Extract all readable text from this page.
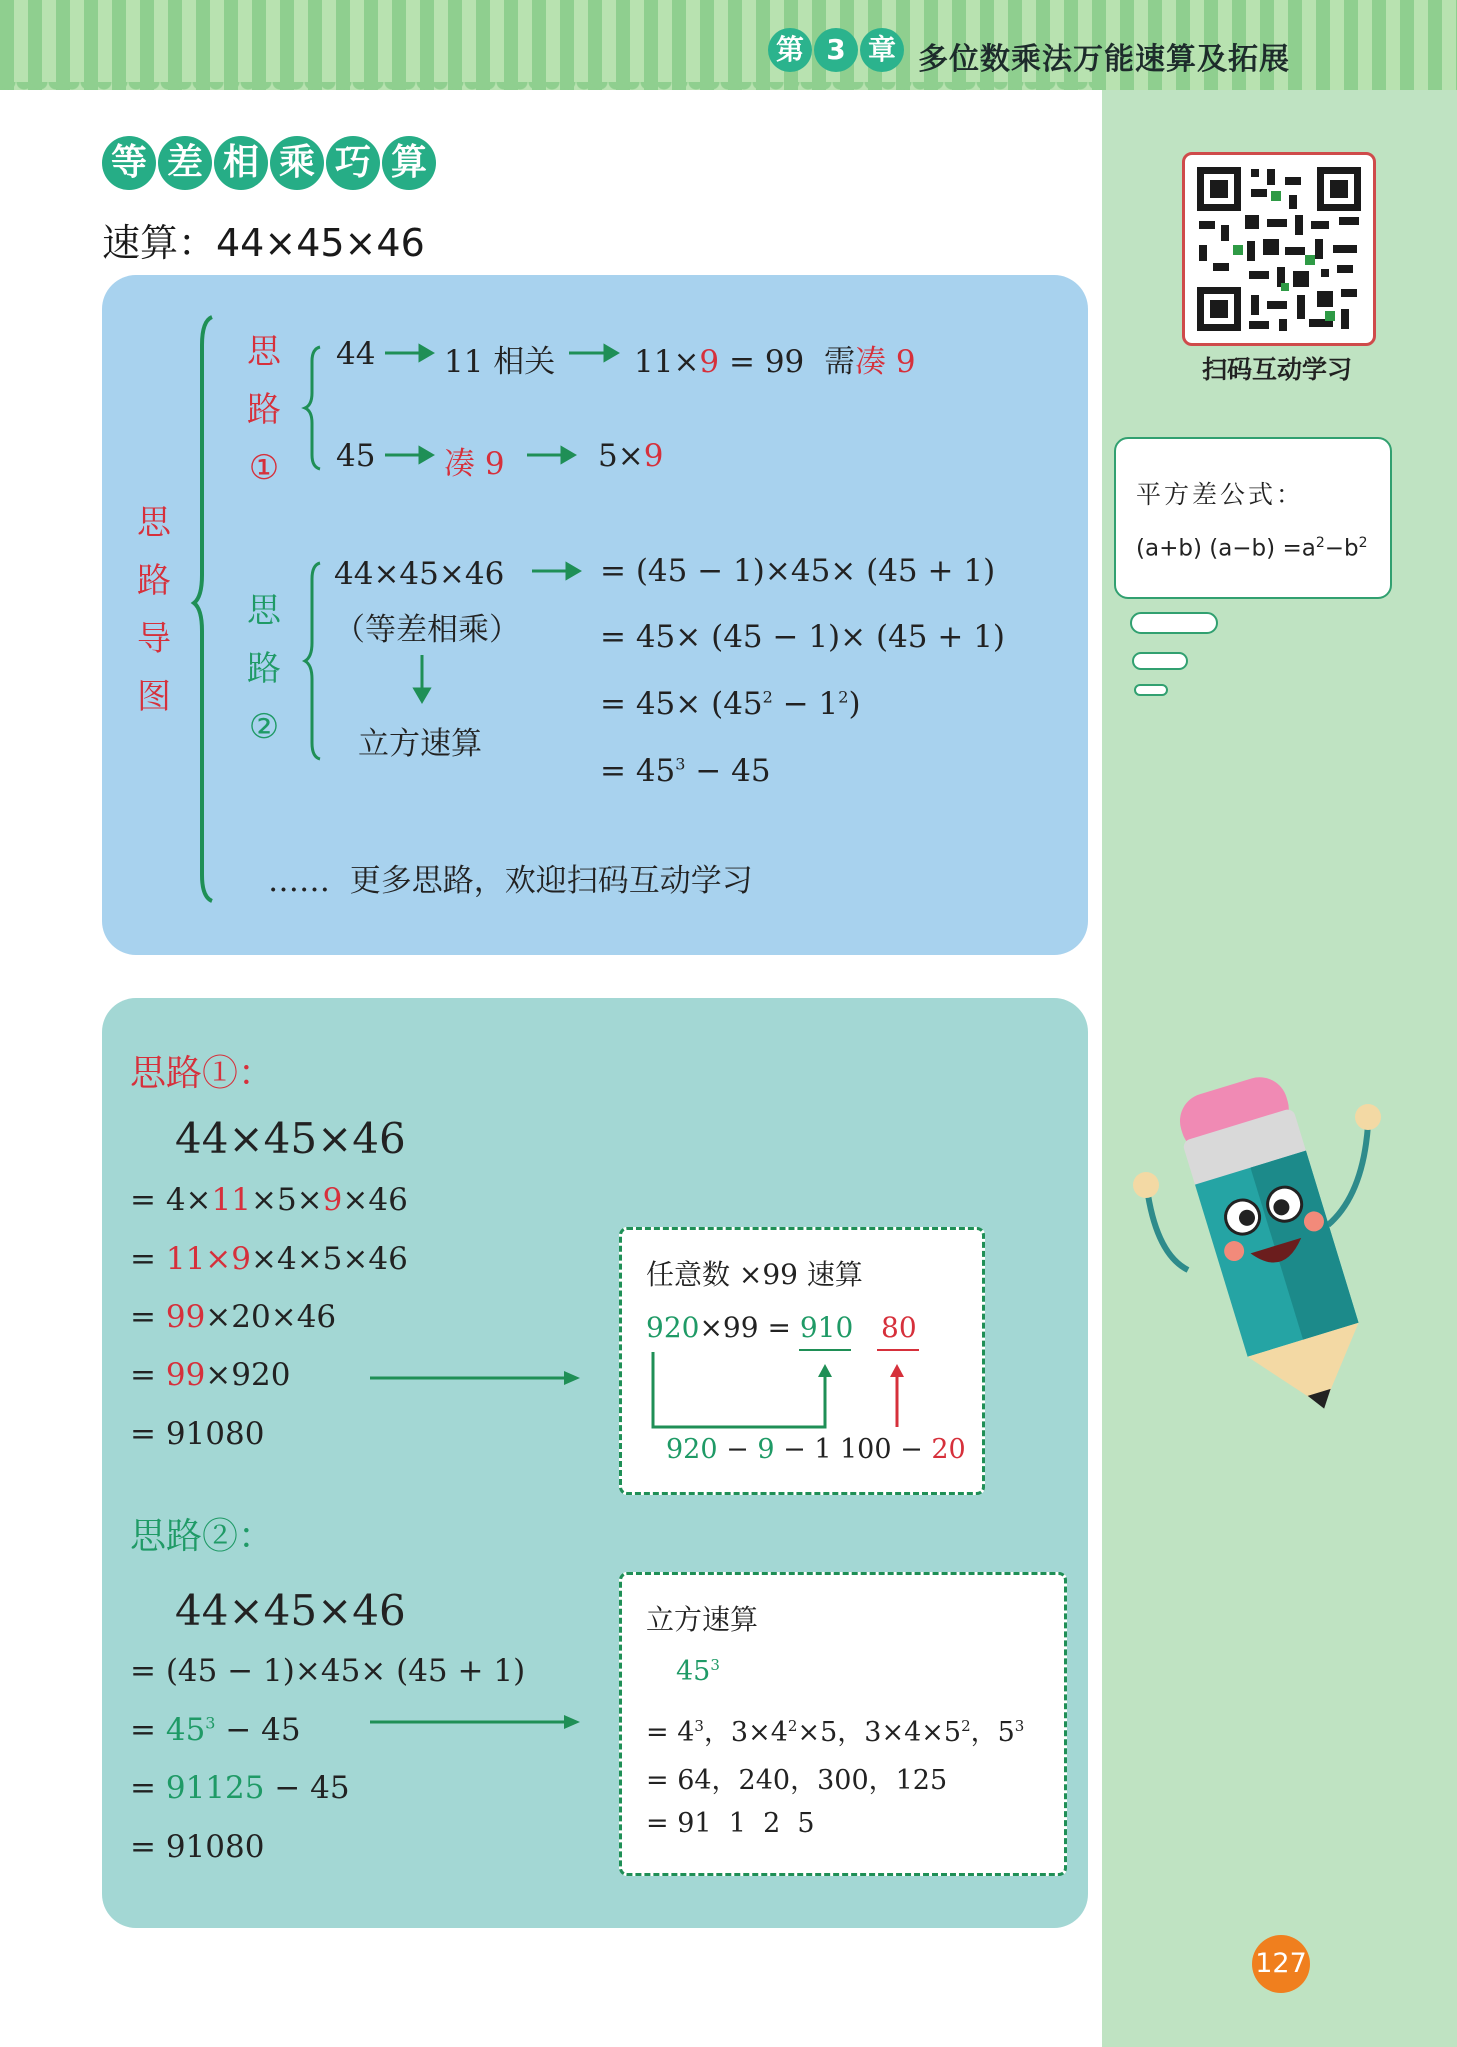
第 3 章 多位数乘法万能速算及拓展
等 差 相 乘 巧 算
速算：44×45×46
思
路
导
图
思
路
①
思
路
②
44 11 相关	11×9 = 99  需凑 9
45 凑 9	5×9
44×45×46
（等差相乘）
立方速算
= (45 − 1)×45× (45 + 1)
= 45× (45 − 1)× (45 + 1)
= $45\times (45^2 - 1^2)$
= $45^3 - 45$
……  更多思路，欢迎扫码互动学习
思路①：
44×45×46
= 4×11×5×9×46
= 11×9×4×5×46
= 99×20×46
= 99×920
= 91080
任意数 ×99 速算
920×99 = 910 80
920 − 9 − 1 100 − 20
思路②：
44×45×46
= (45 − 1)×45× (45 + 1)
= $45^3 - 45$
= 91125 − 45
= 91080
立方速算
$45^3$
= $4^3$，$3\times 4^2\times 5$，$3\times 4\times 5^2$，$5^3$
= 64，240，300，125
= 91  1  2  5
扫码互动学习
平方差公式：
(a+b) $(a-b) =a^2-b^2$
127
